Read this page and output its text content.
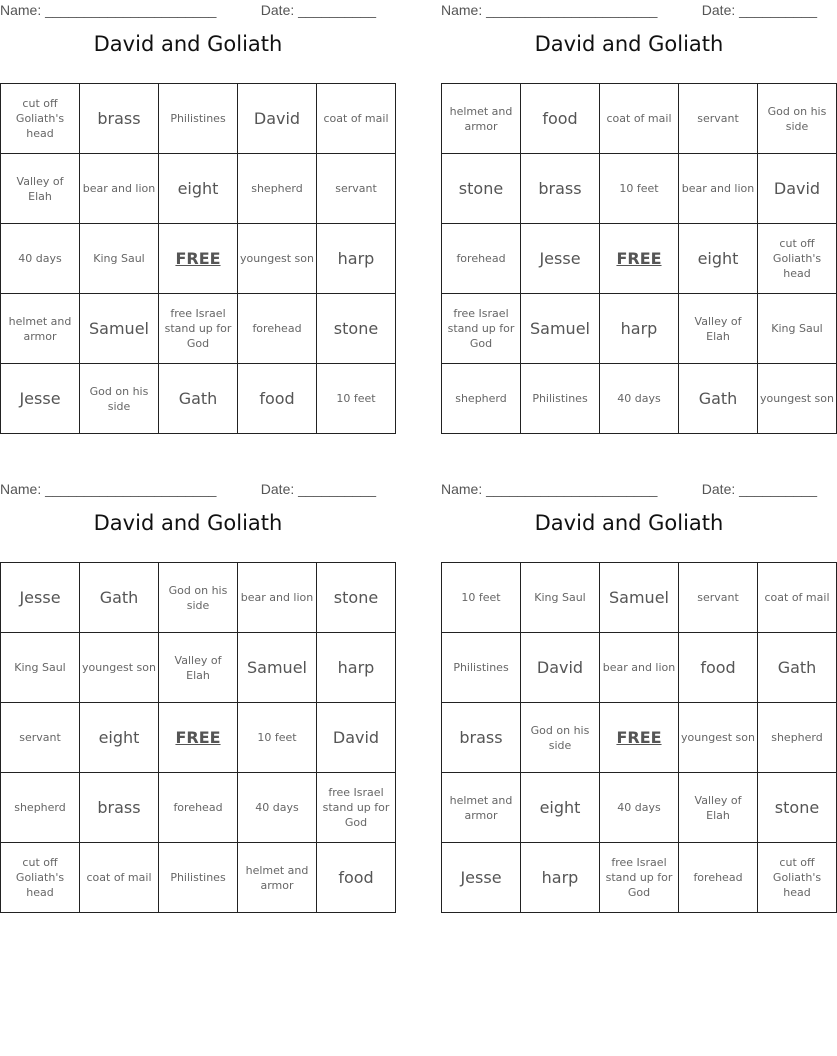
Name: ______________________	Date: __________
David and Goliath
cut off Goliath's head	brass	Philistines	David	coat of mail
Valley of Elah	bear and lion	eight	shepherd	servant
40 days	King Saul	FREE	youngest son	harp
helmet and armor	Samuel	free Israel stand up for God	forehead	stone
Jesse	God on his side	Gath	food	10 feet
Name: ______________________	Date: __________
David and Goliath
helmet and armor	food	coat of mail	servant	God on his side
stone	brass	10 feet	bear and lion	David
forehead	Jesse	FREE	eight	cut off Goliath's head
free Israel stand up for God	Samuel	harp	Valley of Elah	King Saul
shepherd	Philistines	40 days	Gath	youngest son
Name: ______________________	Date: __________
David and Goliath
Jesse	Gath	God on his side	bear and lion	stone
King Saul	youngest son	Valley of Elah	Samuel	harp
servant	eight	FREE	10 feet	David
shepherd	brass	forehead	40 days	free Israel stand up for God
cut off Goliath's head	coat of mail	Philistines	helmet and armor	food
Name: ______________________	Date: __________
David and Goliath
10 feet	King Saul	Samuel	servant	coat of mail
Philistines	David	bear and lion	food	Gath
brass	God on his side	FREE	youngest son	shepherd
helmet and armor	eight	40 days	Valley of Elah	stone
Jesse	harp	free Israel stand up for God	forehead	cut off Goliath's head
